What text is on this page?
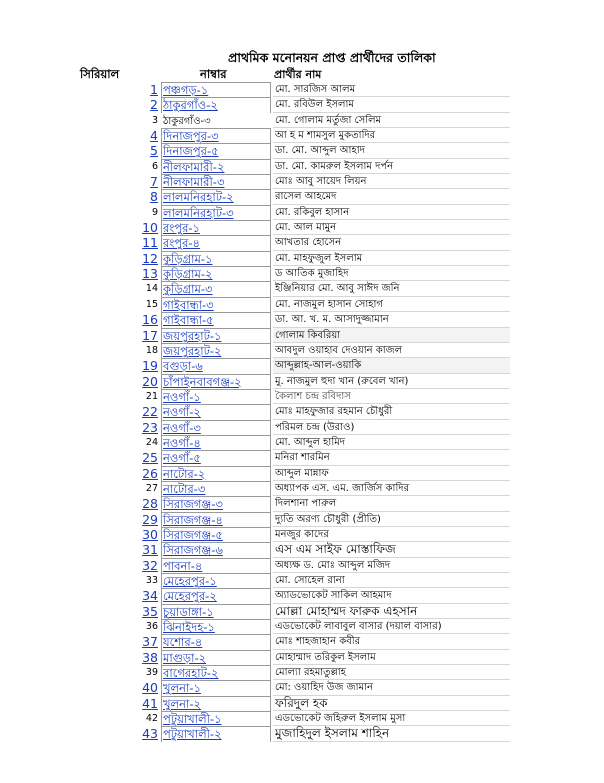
প্রাথমিক মনোনয়ন প্রাপ্ত প্রার্থীদের তালিকা
সিরিয়াল	নাম্বার	প্রার্থীর নাম
1 পঞ্চগড়-১	মো. সারজিস আলম
2 ঠাকুরগাঁও-২	মো. রবিউল ইসলাম
3 ঠাকুরগাঁও-৩	মো. গোলাম মর্তুজা সেলিম
4 দিনাজপুর-৩	আ হ ম শামসুল মুকতাদির
5 দিনাজপুর-৫	ডা. মো. আব্দুল আহাদ
6 নীলফামারী-২	ডা. মো. কামরুল ইসলাম দর্পন
7 নীলফামারী-৩	মোঃ আবু সায়েদ লিয়ন
8 লালমনিরহাট-২	রাসেল আহমেদ
9 লালমনিরহাট-৩	মো. রকিবুল হাসান
10 রংপুর-১	মো. আল মামুন
11 রংপুর-৪	আখতার হোসেন
12 কুড়িগ্রাম-১	মো. মাহফুজুল ইসলাম
13 কুড়িগ্রাম-২	ড আতিক মুজাহিদ
14 কুড়িগ্রাম-৩	ইঞ্জিনিয়ার মো. আবু সাঈদ জনি
15 গাইবান্ধা-৩	মো. নাজমুল হাসান সোহাগ
16 গাইবান্ধা-৫	ডা. আ. খ. ম. আসাদুজ্জামান
17 জয়পুরহাট-১	গোলাম কিবরিয়া
18 জয়পুরহাট-২	আবদুল ওয়াহাব দেওয়ান কাজল
19 বগুড়া-৬	আব্দুল্লাহ-আল-ওয়াকি
20 চাঁপাইনবাবগঞ্জ-২	মু. নাজমুল হুদা খান (রুবেল খান)
21 নওগাঁ-১	কৈলাশ চন্দ্র রবিদাস
22 নওগাঁ-২	মোঃ মাহফুজার রহমান চৌধুরী
23 নওগাঁ-৩	পরিমল চন্দ্র (উরাও)
24 নওগাঁ-৪	মো. আব্দুল হামিদ
25 নওগাঁ-৫	মনিরা শারমিন
26 নাটোর-২	আব্দুল মান্নাফ
27 নাটোর-৩	অধ্যাপক এস. এম. জার্জিস কাদির
28 সিরাজগঞ্জ-৩	দিলশানা পারুল
29 সিরাজগঞ্জ-৪	দ্যুতি অরণ্য চৌধুরী (প্রীতি)
30 সিরাজগঞ্জ-৫	মনজুর কাদের
31 সিরাজগঞ্জ-৬	এস এম সাইফ মোস্তাফিজ
32 পাবনা-৪	অধ্যক্ষ ড. মোঃ আব্দুল মজিদ
33 মেহেরপুর-১	মো. সোহেল রানা
34 মেহেরপুর-২	অ্যাডভোকেট সাকিল আহমাদ
35 চুয়াডাঙ্গা-১	মোল্লা মোহাম্মদ ফারুক এহসান
36 ঝিনাইদহ-১	এডভোকেট লাবাবুল বাসার (দয়াল বাসার)
37 যশোর-৪	মোঃ শাহজাহান কবীর
38 মাগুড়া-২	মোহাম্মাদ তরিকুল ইসলাম
39 বাগেরহাট-২	মোল্যা রহমাতুল্লাহ
40 খুলনা-১	মো: ওয়াহিদ উজ জামান
41 খুলনা-২	ফরিদুল হক
42 পটুয়াখালী-১	এডভোকেট জহিরুল ইসলাম মুসা
43 পটুয়াখালী-২	মুজাহিদুল ইসলাম শাহিন
